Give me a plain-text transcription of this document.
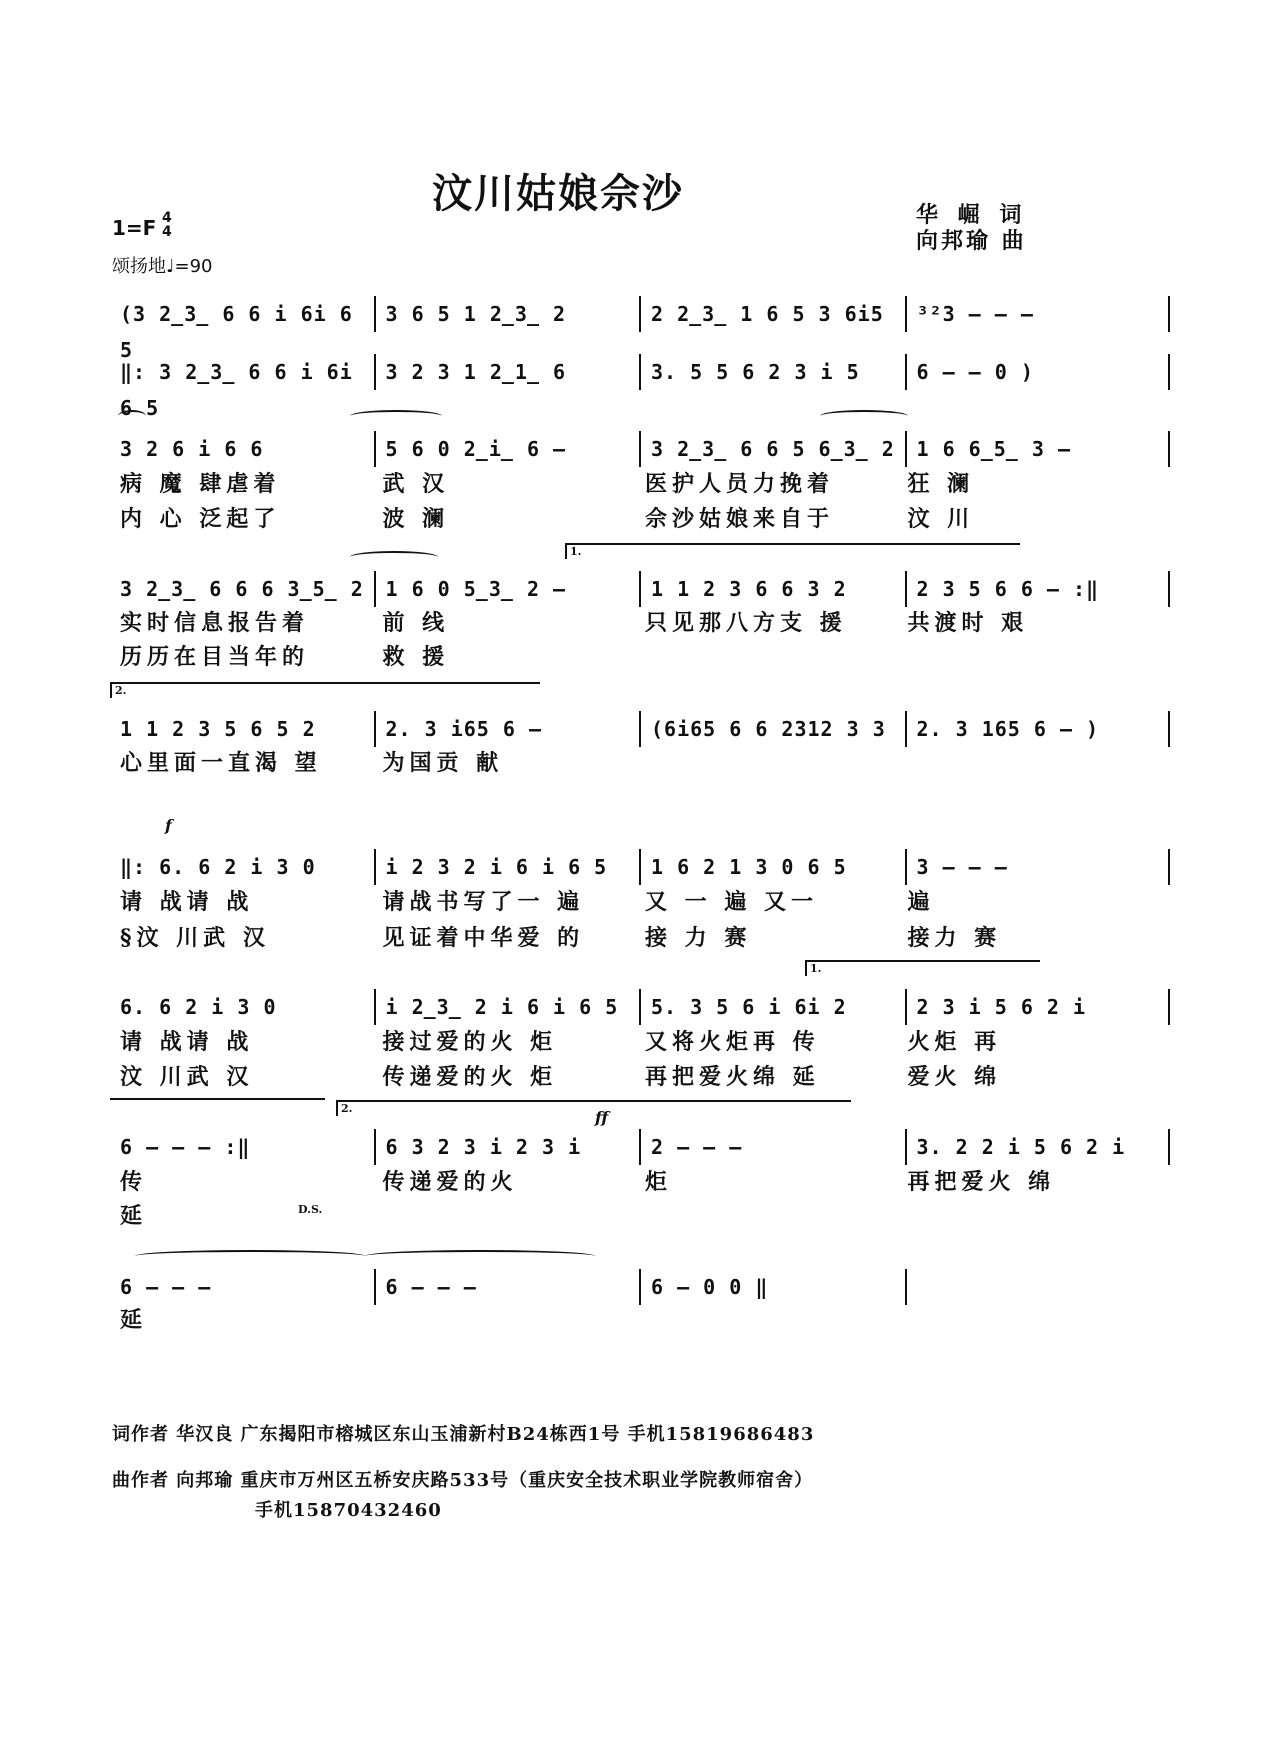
汶川姑娘佘沙	华 崛 词
向邦瑜 曲
1=F 4
4
颂扬地♩=90
(3 2̲3̲ 6 6 i 6i 6 5
3 6 5 1 2̲3̲ 2	2 2̲3̲ 1 6 5 3 6i5	³²3 – – –
‖: 3 2̲3̲ 6 6 i 6i 6 5
3 2 3 1 2̲1̲ 6	3. 5 5 6 2 3 i 5	6 – – 0 )
3 2 6 i 6 6	5 6 0 2̲i̲ 6 –	3 2̲3̲ 6 6 5 6̲3̲ 2	1 6 6̲5̲ 3 –
病 魔 肆虐着	武 汉	医护人员力挽着	狂 澜
内 心 泛起了	波 澜	佘沙姑娘来自于	汶 川
1.
3 2̲3̲ 6 6 6 3̲5̲ 2	1 6 0 5̲3̲ 2 –	1 1 2 3 6 6 3 2	2 3 5 6 6 – :‖
实时信息报告着	前 线	只见那八方支 援	共渡时 艰
历历在目当年的	救 援
2.
1 1 2 3 5 6 5 2	2. 3 i65 6 –	(6i65 6 6 2312 3 3	2. 3 165 6 – )
心里面一直渴 望	为国贡 献
f
‖: 6. 6 2 i 3 0	i 2 3 2 i 6 i 6 5	1 6 2 1 3 0 6 5	3 – – –
请 战请 战	请战书写了一 遍	又 一 遍 又一	遍
§汶 川武 汉	见证着中华爱 的	接 力 赛	接力 赛
1.
6. 6 2 i 3 0	i 2̲3̲ 2 i 6 i 6 5	5. 3 5 6 i 6i 2	2 3 i 5 6 2 i
请 战请 战	接过爱的火 炬	又将火炬再 传	火炬 再
汶 川武 汉	传递爱的火 炬	再把爱火绵 延	爱火 绵
2.	ff
6 – – – :‖	6 3 2 3 i 2 3 i	2 – – –	3. 2 2 i 5 6 2 i
传	传递爱的火	炬	再把爱火 绵
延	D.S.
6 – – –	6 – – –	6 – 0 0 ‖
延
词作者 华汉良 广东揭阳市榕城区东山玉浦新村B24栋西1号 手机15819686483
曲作者 向邦瑜 重庆市万州区五桥安庆路533号（重庆安全技术职业学院教师宿舍）
手机15870432460
